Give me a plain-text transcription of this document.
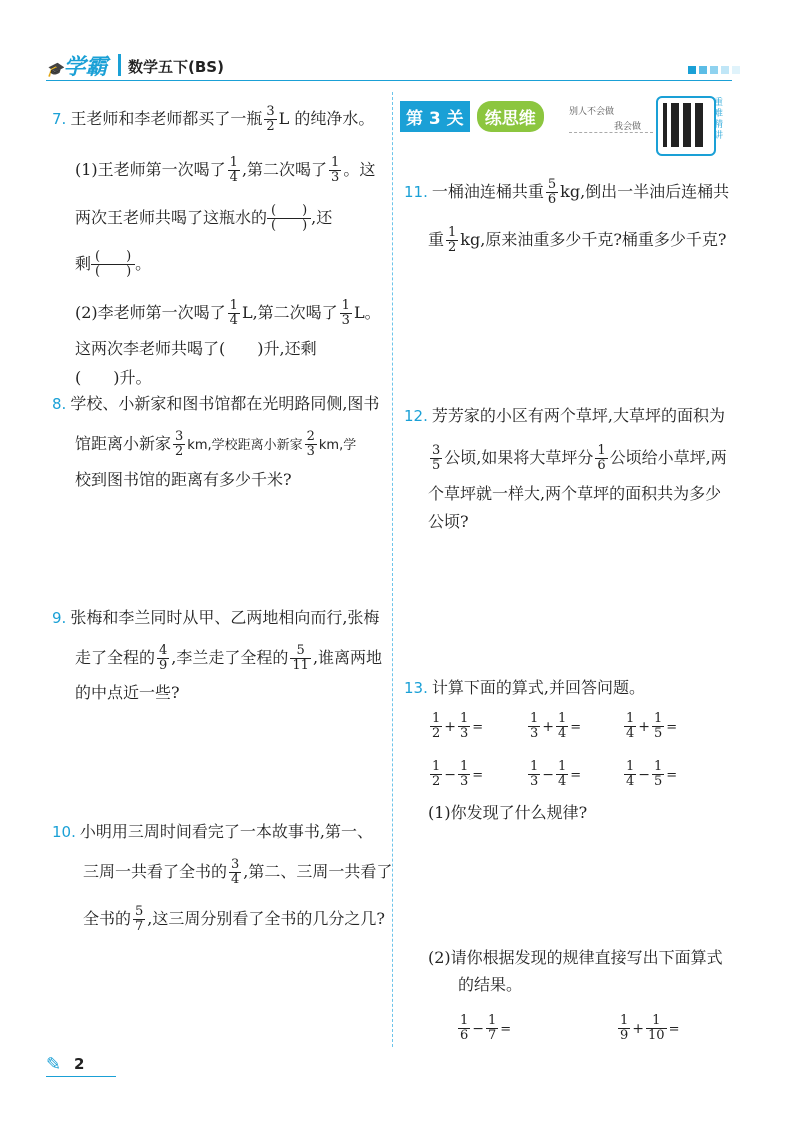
🎓学霸 数学五下(BS)
第 3 关 练思维	别人不会做
我会做
重难精讲
7. 王老师和李老师都买了一瓶 $\frac{3}{2}$ L 的纯净水。
(1)王老师第一次喝了 $\frac{1}{4}$ ,第二次喝了 $\frac{1}{3}$ 。这
两次王老师共喝了这瓶水的 (　　)
(　　) ,还
剩 (　　)
(　　) 。
(2)李老师第一次喝了 $\frac{1}{4} L$,第二次喝了 $\frac{1}{3}$ L。
这两次李老师共喝了(　　)升,还剩
(　　)升。
8. 学校、小新家和图书馆都在光明路同侧,图书
馆距离小新家 $\frac{3}{2}$ km,学校距离小新家 $\frac{2}{3}$ km,学
校到图书馆的距离有多少千米?
9. 张梅和李兰同时从甲、乙两地相向而行,张梅
走了全程的 $\frac{4}{9}$ ,李兰走了全程的 $\frac{5}{11}$ ,谁离两地
的中点近一些?
10. 小明用三周时间看完了一本故事书,第一、
三周一共看了全书的 $\frac{3}{4}$ ,第二、三周一共看了
全书的 $\frac{5}{7}$ ,这三周分别看了全书的几分之几?
11. 一桶油连桶共重 $\frac{5}{6}$ kg,倒出一半油后连桶共
重 $\frac{1}{2}$ kg,原来油重多少千克?桶重多少千克?
12. 芳芳家的小区有两个草坪,大草坪的面积为
$\frac{3}{5}$ 公顷,如果将大草坪分 $\frac{1}{6}$ 公顷给小草坪,两
个草坪就一样大,两个草坪的面积共为多少
公顷?
13. 计算下面的算式,并回答问题。
$\frac{1}{2} + \frac{1}{3}$ =	$\frac{1}{3} + \frac{1}{4}$ =	$\frac{1}{4} + \frac{1}{5}$ =
$\frac{1}{2} - \frac{1}{3}$ =	$\frac{1}{3} - \frac{1}{4}$ =	$\frac{1}{4} - \frac{1}{5}$ =
$\frac{1}{6} - \frac{1}{7}$ =	$\frac{1}{9} + \frac{1}{10}$ =
(1)你发现了什么规律?
(2)请你根据发现的规律直接写出下面算式
的结果。
✎ 2
